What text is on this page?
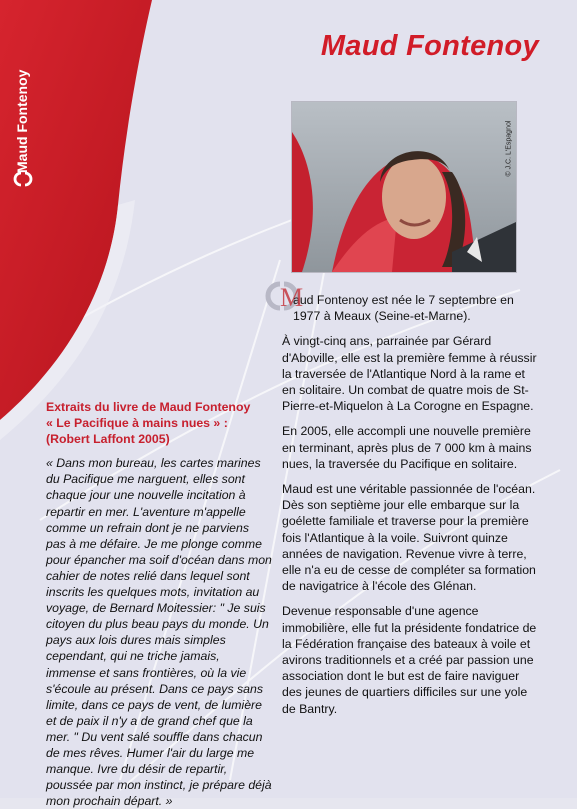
Maud Fontenoy
Maud Fontenoy
© J.C. L'Espagnol

M
aud Fontenoy est née le 7 septembre en 1977 à Meaux (Seine-et-Marne).

À vingt-cinq ans, parrainée par Gérard d'Aboville, elle est la première femme à réussir la traversée de l'Atlantique Nord à la rame et en solitaire. Un combat de quatre mois de St-Pierre-et-Miquelon à La Corogne en Espagne.

En 2005, elle accompli une nouvelle première en terminant, après plus de 7 000 km à mains nues, la traversée du Pacifique en solitaire.

Maud est une véritable passionnée de l'océan. Dès son septième jour elle embarque sur la goélette familiale et traverse pour la première fois l'Atlantique à la voile. Suivront quinze années de navigation. Revenue vivre à terre, elle n'a eu de cesse de compléter sa formation de navigatrice à l'école des Glénan.

Devenue responsable d'une agence immobilière, elle fut la présidente fondatrice de la Fédération française des bateaux à voile et avirons traditionnels et a créé par passion une association dont le but est de faire naviguer des jeunes de quartiers difficiles sur une yole de Bantry.

Extraits du livre de Maud Fontenoy
« Le Pacifique à mains nues » :
(Robert Laffont 2005)

« Dans mon bureau, les cartes marines du Pacifique me narguent, elles sont chaque jour une nouvelle incitation à repartir en mer. L'aventure m'appelle comme un refrain dont je ne parviens pas à me défaire. Je me plonge comme pour épancher ma soif d'océan dans mon cahier de notes relié dans lequel sont inscrits les quelques mots, invitation au voyage, de Bernard Moitessier: " Je suis citoyen du plus beau pays du monde. Un pays aux lois dures mais simples cependant, qui ne triche jamais, immense et sans frontières, où la vie s'écoule au présent. Dans ce pays sans limite, dans ce pays de vent, de lumière et de paix il n'y a de grand chef que la mer. " Du vent salé souffle dans chacun de mes rêves. Humer l'air du large me manque. Ivre du désir de repartir, poussée par mon instinct, je prépare déjà mon prochain départ. »
